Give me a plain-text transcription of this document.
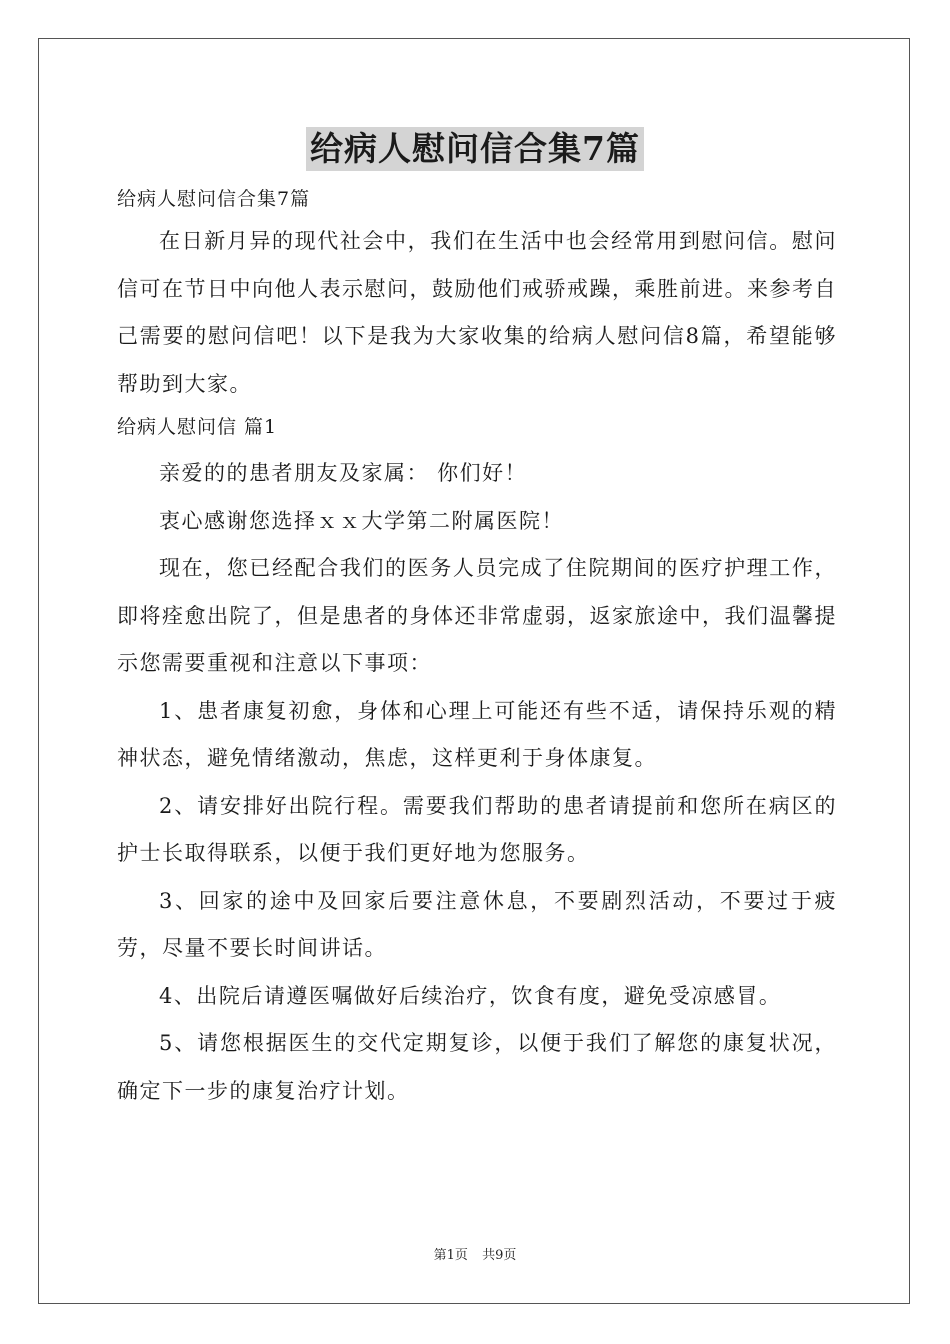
给病人慰问信合集7篇

给病人慰问信合集7篇

在日新月异的现代社会中，我们在生活中也会经常用到慰问信。慰问信可在节日中向他人表示慰问，鼓励他们戒骄戒躁，乘胜前进。来参考自己需要的慰问信吧！以下是我为大家收集的给病人慰问信8篇，希望能够帮助到大家。

给病人慰问信 篇1

亲爱的的患者朋友及家属： 你们好！

衷心感谢您选择ｘｘ大学第二附属医院！

现在，您已经配合我们的医务人员完成了住院期间的医疗护理工作，即将痊愈出院了，但是患者的身体还非常虚弱，返家旅途中，我们温馨提示您需要重视和注意以下事项：

1、患者康复初愈，身体和心理上可能还有些不适，请保持乐观的精神状态，避免情绪激动，焦虑，这样更利于身体康复。

2、请安排好出院行程。需要我们帮助的患者请提前和您所在病区的护士长取得联系，以便于我们更好地为您服务。

3、回家的途中及回家后要注意休息，不要剧烈活动，不要过于疲劳，尽量不要长时间讲话。

4、出院后请遵医嘱做好后续治疗，饮食有度，避免受凉感冒。

5、请您根据医生的交代定期复诊，以便于我们了解您的康复状况，确定下一步的康复治疗计划。

第1页 共9页
